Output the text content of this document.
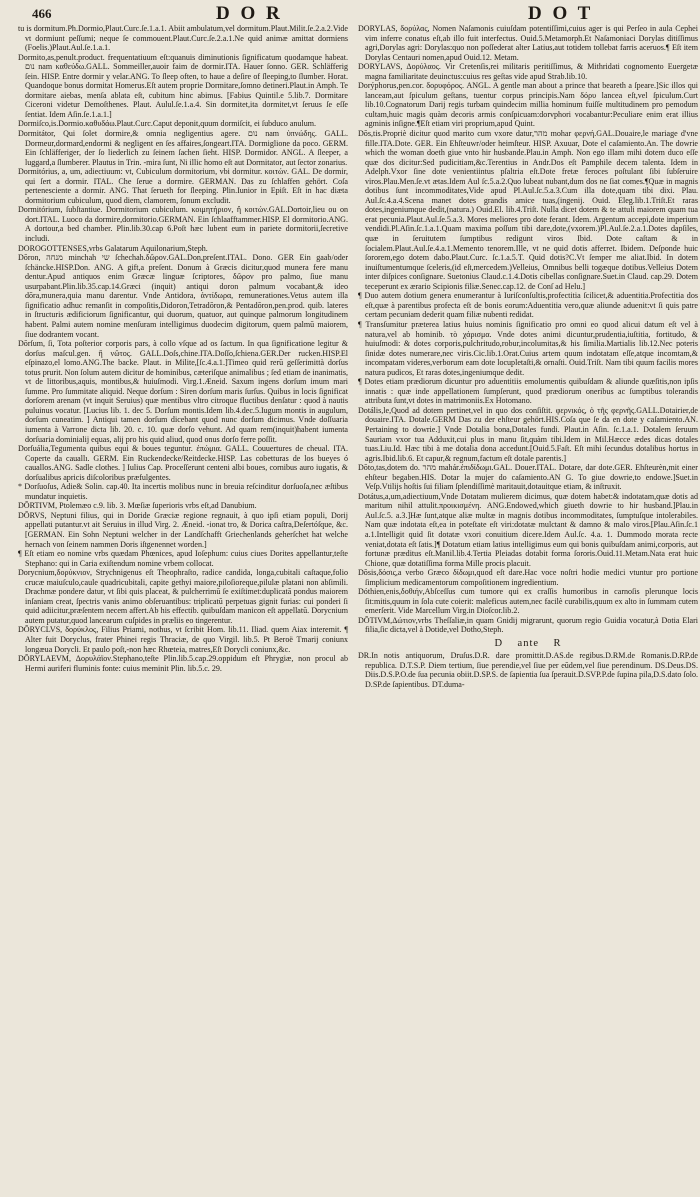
466	D O R	D O T

tu is dormitum.Ph.Dormio,Plaut.Curc.ſe.1.a.1. Abiit ambulatum,vel dormitum.Plaut.Milit.ſe.2.a.2.Vide vt dormiunt peſſumi; neque ſe commouent.Plaut.Curc.ſe.2.a.1.Ne quid animæ amittat dormiens (Foelis.)Plaut.Aul.ſe.1.a.1.

Dormito,as,penult.product. frequentatiuum eſt:quanuis diminutionis ſignificatum quodamque habeat. נום nam καθεύδω.GALL. Sommeiller,auoir faim de dormir.ITA. Hauer ſonno. GER. Schläfferig ſein. HISP. Entre dormir y velar.ANG. To ſleep often, to haue a deſire of ſleeping,to ſlumber. Horat. Quandoque bonus dormitat Homerus.Eſt autem proprie Dormitare,ſomno detineri.Plaut.in Amph. Te dormitare aiebas, menſa ablata eſt, cubitum hinc abimus. [Fabius Quintil.e 5.lib.7. Dormitare Ciceroni videtur Demoſthenes. Plaut. Aulul.ſe.1.a.4. Sin dormitet,ita dormitet,vt ſeruus ſe eſſe ſentiat. Idem Aſin.ſe.1.a.1.]

Dormiſco,is.Dormio.καθυδάω.Plaut.Curc.Caput deponit,quum dormiſcit, ei ſubduco anulum.

Dormitátor, Qui ſolet dormire,& omnia negligentius agere. נום nam ὑπνώδης. GALL. Dormeur,dormard,endormi & negligent en ſes affaires,ſongeart.ITA. Dormiglione da poco. GERM. Ein ſchläfferiger, der ſo liederlich zu ſeinem ſachen ſieht. HISP. Dormidor. ANGL. A ſleeper, a luggard,a ſlumberer. Plautus in Trin. -mira ſunt, Ni illic homo eſt aut Dormitator, aut ſector zonarius.

Dormitórius, a, um, adiectiuum: vt, Cubiculum dormitorium, vbi dormitur. κοιτών. GAL. De dormir, qui ſert a dormir. ITAL. Che ſerue a dormire. GERMAN. Das zu ſchlaffen gehört. Coſa pertenesciente a dormir. ANG. That ſerueth for ſleeping. Plin.Iunior in Epiſt. Eſt in hac diæta dormitorium cubiculum, quod diem, clamorem, ſonum excludit.

Dormitórium, ſubſtantiue. Dormitorium cubiculum. κοιμητήριον, ἢ κοιτών.GAL.Dortoir,lieu ou on dort.ITAL. Luoco da dormire,dormitorio.GERMAN. Ein ſchlaafftammer.HISP. El dormitorio.ANG. A dortour,a bed chamber. Plin.lib.30.cap 6.Poſt hæc lubent eum in pariete dormitorii,ſecretive includi.

DOROGOTTENSES,vrbs Galatarum Aquilonarium,Steph.

Dōron, מנחה minchah שי ſchechah.δῶρον.GAL.Don,preſent.ITAL. Dono. GER Ein gaab/oder ſchäncke.HISP.Don. ANG. A gift,a preſent. Donum à Græcis dicitur,quod munera fere manu dentur.Apud antiquos enim Græcæ linguæ ſcriptores, δῶρον pro palmo, ſiue manu usurpabant.Plin.lib.35.cap.14.Græci (inquit) antiqui doron palmum vocabant,& ideo dōra,munera,quia manu darentur. Vnde Antidora, ἀντίδωρα, remunerationes.Vetus autem illa ſignificatio adhuc remanſit in compoſitis,Didoron,Tetradōron,& Pentadōron,pen.prod. quib. lateres in ſtructuris ædificiorum ſignificantur, qui duorum, quatuor, aut quinque palmorum longitudinem habent. Palmi autem nomine menſuram intelligimus duodecim digitorum, quem palmū maiorem, ſiue dodrantem vocant.

Dōrſum, ſi, Tota poſterior corporis pars, à collo vſque ad os ſactum. In qua ſignificatione legitur & dorſus maſcul.gen. ἢ νῶτος. GALL.Doſs,chine.ITA.Doſſo,ſchiena.GER.Der rucken.HISP.El eſpinazo,el lomo.ANG.The backe. Plaut. in Milite,[ſc.4.a.1.]Timeo quid rerū geſſerimittà dorſus totus prurit. Non ſolum autem dicitur de hominibus, cæteriſque animalibus ; ſed etiam de inanimatis, vt de littoribus,aquis, montibus,& huiuſmodi. Virg.1.Æneid. Saxum ingens dorſum imum mari ſumme. Pro ſummitate aliquid. Neque dorſum : Siren dorſum maris ſurſus. Quibus in locis ſignificat dorſorem arenam (vt inquit Seruius) quæ mentibus vltro citroque fluctibus denſatur : quod à nautis puluinus vocatur. [Lucius lib. 1. dec 5. Dorſum montis.Idem lib.4.dec.5.Iugum montis in augulum, dorſum cuneatim. ] Antiqui tamen dorſum dicebant quod nunc dorſum dicimus. Vnde doſſuaria iumenta à Varrone dicta lib. 20. c. 10. quæ dorſo vehunt. Ad quam rem(inquit)habent iumenta dorſuaria dominialij equas, alij pro his quid aliud, quod onus dorſo ferre poſſit.

Dorſuália,Tegumenta quibus equi & boues teguntur. ἐπώμια. GALL. Couuertures de cheual. ITA. Coperte da cauallı. GERM. Ein Ruckendecke/Reitdecke.HISP. Las cobetturas de los bueyes ó cauallos.ANG. Sadle clothes. ] Iulius Cap. Proceſſerunt centeni albi boues, cornibus auro iugatis, & dorſualibus apricis diſcoloribus præfulgentes.

* Dorſuoſus, Adie& Solin. cap.40. Ita incertis molibus nunc in breuia reſcinditur dorſuoſa,nec æſtibus mundatur inquietis.

DŌRTIVM, Ptolemæo c.9. lib. 3. Mœſiæ ſuperioris vrbs eſt,ad Danubium.

DŌRVS, Neptuni filius, qui in Doride Græciæ regione regnauit, à quo ipſi etiam populi, Dorij appellati putantur.vt ait Seruius in illud Virg. 2. Æneid. -ionat tro, & Dorica caſtra,Deſertóſque, &c. [GERMAN. Ein Sohn Neptuni welcher in der Landſchafft Griechenlands geherſchet hat welche hernach von ſeinem nammen Doris iſtgenennet worden.]

¶ Eſt etiam eo nomine vrbs quædam Phœnices, apud Ioſephum: cuius ciues Dorites appellantur,teſte Stephano: qui in Caria exiſtendum nomine vrbem collocat.

Dorycnium,δορύκνιον, Strychnigenus eſt Theophraſto, radice candida, longa,cubitali caſtaque,folio crucæ maiuſculo,caule quadricubitali, capite gethyi maiore,piloſioreque,pilulæ platani non abſimili. Drachmæ pondere datur, vt ſibi quis placeat, & pulcherrimū ſe exiſtimet:duplicatā pondus maiorem inſaniam creat, ſpectris vanis animo obſeruantibus: triplicatū perpetuas gignit furias: cui ponderi ſi quid adiicitur,præſentem necem affert.Ab his effectib. quibuſdam manicon eſt appellatū. Dorycnium autem putatur,quod lancearum cuſpides in præliis eo tingerentur.

DŌRYCLVS, δορύκλος, Filius Priami, nothus, vt ſcribit Hom. lib.11. Iliad. quem Aiax interemit. ¶ Alter fuit Doryclus, frater Phinei regis Thraciæ, de quo Virgil. lib.5. Pt Beroë Tmarij coniunx longæua Dorycli. Et paulo poſt,-non hæc Rhœteia, matres,Eſt Dorycli coniunx,&c.

DŌRYLAEVM, Δορυλάϊον.Stephano,teſte Plin.lib.5.cap.29.oppidum eſt Phrygiæ, non procul ab Hermi auriferi fluminis fonte: cuius meminit Plin. lib.5.c. 29.

DORYLAS, δορύλας, Nomen Naſamonis cuiuſdam potentiſſimi,cuius ager is qui Perſeo in aula Cephei vim inferre conatus eſt,ab illo fuit interfectus. Ouid.5.Metamorph.Et Naſamoniaci Dorylas ditiſſimus agri,Dorylas agri: Dorylas:quo non poſſederat alter Latius,aut totidem tollebat farris aceruos.¶ Eſt item Dorylas Centauri nomen,apud Ouid.12. Metam.

DORYLAVS, Δορύλαος. Vir Cretenſis,rei militaris peritiſſimus, & Mithridati cognomento Euergetæ magna familiaritate deuinctus:cuius res geſtas vide apud Strab.lib.10.

Dorýphorus,pen.cor. δορυφόρος. ANGL. A gentle man about a prince that beareth a ſpeare.]Sic illos qui lanceam,aut ſpiculum geſtans, tuentur corpus principis.Nam δόρυ lancea eſt,vel ſpiculum.Curt lib.10.Cognatorum Darij regis turbam quindecim millia hominum fuiſſe multitudinem pro pemodum cultam,huic magis quàm decoris armis conſpicuam:dorvphori vocabantur:Peculiare enim erat illius agminis inſigne.¶Eſt etiam viri proprium,apud Quint.

Dōs,tis.Propriè dicitur quod marito cum vxore datur,מהר mohar φερνή.GAL.Douaire,le mariage d'vne fille.ITA.Dote. GER. Ein Ehſteuwr/oder heimſteur. HISP. Axuuar, Dote el caſamiento.An. The dowrie which the woman doeth giue vnto hir husbande.Plau.in Amph. Non ego illam mihi dotem duco eſſe quæ dos dicitur:Sed pudicitiam,&c.Terentius in Andr.Dos eſt Pamphile decem talenta. Idem in Adelph.Vxor ſine dote venientiintus pſaltria eſt.Dote fretæ feroces poſtulant ſibi ſubſeruire viros.Plau.Men.ſe.vt ætas.Idem Aul ſc.5.a.2.Quo lubeat nubant,dum dos ne ſiat comes.¶Quæ in magnis dotibus ſunt incommoditates,Vide apud Pl.Aul.ſc.5.a.3.Cum illa dote,quam tibi dixi. Plau. Aul.ſc.4.a.4.Scena manet dotes grandis amice tuas,(ingenij. Ouid. Eleg.lib.1.Triſt.Et raras dotes,ingeniumque dedit,(natura.) Ouid.El. lib.4.Triſt. Nulla dicet dotem & te attuli maiorem quam tua erat pecunia.Plaut.Aul.ſe.5.a.3. Mores meliores pro dote ferant. Idem. Argentum accepi,dote imperium vendidi.Pl.Aſin.ſc.1.a.1.Quam maxima poſſum tibi dare,dote,(vxorem.)Pl.Aul.ſe.2.a.1.Dotes dapſiles, quæ in ſeruitutem ſumptibus redigunt viros Ibid. Dote caſtam & in ſocialem.Plaut.Aul.ſe.4.a.1.Memento tenorem.Ille, vt ne quid dotis afferret. Ibidem. Deſponde huic ſororem,ego dotem dabo.Plaut.Curc. ſc.1.a.5.T. Quid dotis?C.Vt ſemper me aliat.Ibid. In dotem inuiſtumentumque ſceleris,(id eſt,mercedem.)Velleius, Omnibus belli togæque dotibus.Velleius Dotem inter diſpices conſignare. Suetonius Claud.c.1.4.Dotis cibellas conſignare.Suet.in Claud. cap.29. Dotem teceperunt ex ærario Scipionis filiæ.Senec.cap.12. de Conſ ad Helu.]

¶ Duo autem dotium genera enumerantur à Iuriſconſultis,profectitia ſcilicet,& aduentitia.Profectitia dos eſt,quæ à parentibus profecta eſt de bonis eorum:Aduentitia vero,quæ aliunde aduenit:vt ſi quis patre certam pecuniam dederit quam filiæ nubenti redidat.

¶ Transſumitur præterea latius huius nominis ſignificatio pro omni eo quod alicui datum eſt vel à natura,vel ab hominib. τὸ χάρισμα. Vnde dotes animi dicuntur,prudentia,iuſtitia, fortitudo, & huiuſmodi: & dotes corporis,pulchritudo,robur,incolumitas,& his ſimilia.Martialis lib.12.Nec poteris ſinidæ dotes numerare,nec viris.Cic.lib.1.Orat.Cuius artem quum indotatam eſſe,atque incomtam,& incompatam videres,verborum eam dote locupletaſti,& ornaſti. Ouid.Triſt. Nam tibi quum facilis mores natura pudicos, Et raras dotes,ingeniumque dedit.

¶ Dotes etiam prædiorum dicuntur pro aduentitiis emolumentis quibuſdam & aliunde quæſitis,non ipſis innatis : quæ inde appellationem ſumpſerunt, quod prædiorum oneribus ac ſumptibus tolerandis attributa ſunt,vt dotes in matrimoniis.Ex Hotomano.

Dotális,le,Quod ad dotem pertinet,vel in quo dos conſiſtit. φερνικός, ὁ τῆς φερνῆς.GALL.Dotairier,de douaire.ITA. Dotale.GERM Das zu der ehſteur gehört.HIS.Coſa que ſe da en dote y caſamiento.AN. Pertaining to dowrie.] Vnde Dotalia bona,Dotales fundi. Plaut.in Aſin. ſc.1.a.1. Dotalem ſeruum Sauriam vxor tua Adduxit,cui plus in manu ſit,quàm tibi.Idem in Mil.Hæcce ædes dicas dotales tuas.Liu.Id. Hæc tibi à me dotalia dona accedunt.[Ouid.5.Faſt. Eſt mihi ſecundus dotalibus hortus in agris.Ibid.lib.6. Et capur,& regnum,factum eſt dotale parentis.]

Dōto,tas,dotem do. מהר mahár.ἐπιδίδωμι.GAL. Douer.ITAL. Dotare, dar dote.GER. Ehſteurèn,mit einer ehſteur begaben.HIS. Dotar la mujer do caſamiento.AN G. To giue dowrie,to endowe.]Suet.in Veſp.Vtilijs hoſtis ſui filiam ſplendiſſimè maritauit,dotauitque etiam, & inſtruxit.

Dotátus,a,um,adiectiuum,Vnde Dotatam mulierem dicimus, quæ dotem habet:& indotatam,quæ dotis ad maritum nihil attulit.προικισμένη. ANG.Endowed,which giueth dowrie to hir husband.]Plau.in Aul.ſc.5. a.3.]Hæ ſunt,atque aliæ multæ in magnis dotibus incommoditates, ſumptuſque intolerabiles. Nam quæ indotata eſt,ea in poteſtate eſt viri:dotatæ mulctant & damno & malo viros.[Plau.Aſin.ſc.1 a.1.Intelligit quid ſit dotatæ vxori conuitium dicere.Idem Aul.ſc. 4.a. 1. Dummodo morata recte veniat,dotata eſt ſatis.]¶ Dotatum etiam latius intelligimus eum qui bonis quibuſdam animi,corporis, aut fortunæ præditus eſt.Manil.lib.4.Tertia Pleiadas dotabit forma ſororis.Ouid.11.Metam.Nata erat huic Chione, quæ dotatiſſima forma Mille procis placuit.

Dōsis,δόσις,a verbo Græco δίδωμι,quod eſt dare.Hac voce noſtri hodie medici vtuntur pro portione ſimplicium medicamentorum compoſitionem ingredientium.

Dóthien,enis,δοθιήν,Abſceſſus cum tumore qui ex craſſis humoribus in carnoſis plerunque locis ſit:mitis,quum in ſola cute coierit: maleficus autem,nec facilè curabilis,quum ex alto in ſummam cutem emerſerit. Vide Marcellum Virg.in Dioſcor.lib.2.

DŌTIVM,Δώτιον,vrbs Theſſaliæ,in quam Gnidij migrarunt, quorum regio Guidia vocatur,à Dotia Elari filia,ſic dicta,vel à Dotide,vel Dotho,Steph.

D ante R

DR.In notis antiquorum, Druſus.D.R. dare promittit.D.AS.de regibus.D.RM.de Romanis.D.RP.de republica. D.T.S.P. Diem tertium, ſiue perendie,vel ſiue per eūdem,vel ſiue perendinum. DS.Deus.DS. Diis.D.S.P.O.de ſua pecunia obiit.D.SP.S. de ſapientia ſua ſperauit.D.SVP.P.de ſupina pila,D.S.dato ſolo. D.SP.de ſapientibus. DT.duma-
